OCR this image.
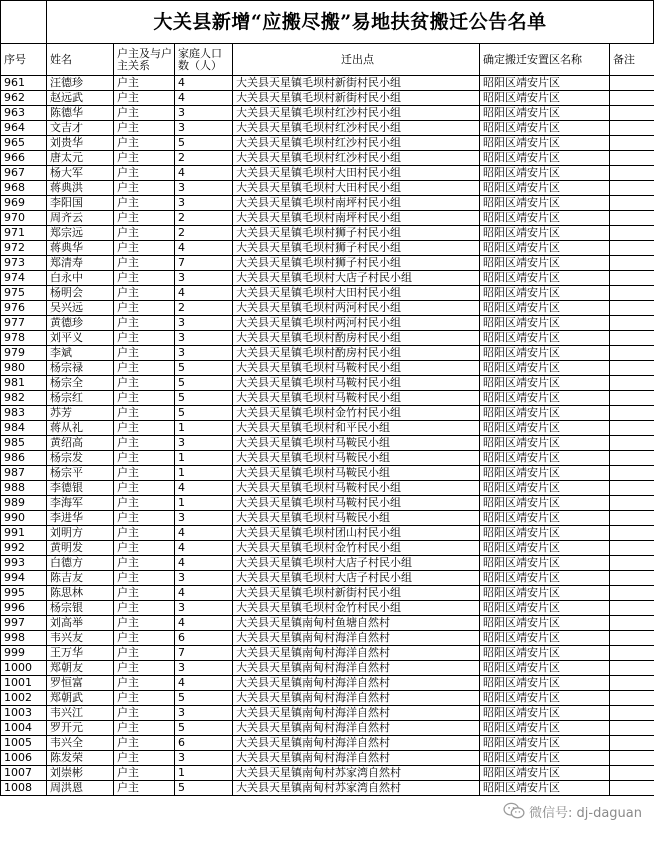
大关县新增“应搬尽搬”易地扶贫搬迁公告名单
序号	姓名	户主及与户主关系	家庭人口数（人）	迁出点	确定搬迁安置区名称	备注
961	汪德珍	户主	4	大关县天星镇毛坝村新街村民小组	昭阳区靖安片区	
962	赵远武	户主	4	大关县天星镇毛坝村新街村民小组	昭阳区靖安片区	
963	陈德华	户主	3	大关县天星镇毛坝村红沙村民小组	昭阳区靖安片区	
964	文吉才	户主	3	大关县天星镇毛坝村红沙村民小组	昭阳区靖安片区	
965	刘贵华	户主	5	大关县天星镇毛坝村红沙村民小组	昭阳区靖安片区	
966	唐太元	户主	2	大关县天星镇毛坝村红沙村民小组	昭阳区靖安片区	
967	杨大军	户主	4	大关县天星镇毛坝村大田村民小组	昭阳区靖安片区	
968	蒋典洪	户主	3	大关县天星镇毛坝村大田村民小组	昭阳区靖安片区	
969	李阳国	户主	3	大关县天星镇毛坝村南坪村民小组	昭阳区靖安片区	
970	周齐云	户主	2	大关县天星镇毛坝村南坪村民小组	昭阳区靖安片区	
971	郑宗远	户主	2	大关县天星镇毛坝村狮子村民小组	昭阳区靖安片区	
972	蒋典华	户主	4	大关县天星镇毛坝村狮子村民小组	昭阳区靖安片区	
973	郑清寿	户主	7	大关县天星镇毛坝村狮子村民小组	昭阳区靖安片区	
974	白永中	户主	3	大关县天星镇毛坝村大店子村民小组	昭阳区靖安片区	
975	杨明会	户主	4	大关县天星镇毛坝村大田村民小组	昭阳区靖安片区	
976	吴兴远	户主	2	大关县天星镇毛坝村两河村民小组	昭阳区靖安片区	
977	黄德珍	户主	3	大关县天星镇毛坝村两河村民小组	昭阳区靖安片区	
978	刘平义	户主	3	大关县天星镇毛坝村酌房村民小组	昭阳区靖安片区	
979	李斌	户主	3	大关县天星镇毛坝村酌房村民小组	昭阳区靖安片区	
980	杨宗禄	户主	5	大关县天星镇毛坝村马鞍村民小组	昭阳区靖安片区	
981	杨宗全	户主	5	大关县天星镇毛坝村马鞍村民小组	昭阳区靖安片区	
982	杨宗红	户主	5	大关县天星镇毛坝村马鞍村民小组	昭阳区靖安片区	
983	苏芳	户主	5	大关县天星镇毛坝村金竹村民小组	昭阳区靖安片区	
984	蒋从礼	户主	1	大关县天星镇毛坝村和平民小组	昭阳区靖安片区	
985	黄绍高	户主	3	大关县天星镇毛坝村马鞍民小组	昭阳区靖安片区	
986	杨宗发	户主	1	大关县天星镇毛坝村马鞍民小组	昭阳区靖安片区	
987	杨宗平	户主	1	大关县天星镇毛坝村马鞍民小组	昭阳区靖安片区	
988	李德银	户主	4	大关县天星镇毛坝村马鞍村民小组	昭阳区靖安片区	
989	李海军	户主	1	大关县天星镇毛坝村马鞍村民小组	昭阳区靖安片区	
990	李进华	户主	3	大关县天星镇毛坝村马鞍民小组	昭阳区靖安片区	
991	刘明方	户主	4	大关县天星镇毛坝村团山村民小组	昭阳区靖安片区	
992	黄明发	户主	4	大关县天星镇毛坝村金竹村民小组	昭阳区靖安片区	
993	白德方	户主	4	大关县天星镇毛坝村大店子村民小组	昭阳区靖安片区	
994	陈吉友	户主	3	大关县天星镇毛坝村大店子村民小组	昭阳区靖安片区	
995	陈思林	户主	4	大关县天星镇毛坝村新街村民小组	昭阳区靖安片区	
996	杨宗银	户主	3	大关县天星镇毛坝村金竹村民小组	昭阳区靖安片区	
997	刘高举	户主	4	大关县天星镇南甸村鱼塘自然村	昭阳区靖安片区	
998	韦兴友	户主	6	大关县天星镇南甸村海洋自然村	昭阳区靖安片区	
999	王万华	户主	7	大关县天星镇南甸村海洋自然村	昭阳区靖安片区	
1000	郑朝友	户主	3	大关县天星镇南甸村海洋自然村	昭阳区靖安片区	
1001	罗恒富	户主	4	大关县天星镇南甸村海洋自然村	昭阳区靖安片区	
1002	郑朝武	户主	5	大关县天星镇南甸村海洋自然村	昭阳区靖安片区	
1003	韦兴江	户主	3	大关县天星镇南甸村海洋自然村	昭阳区靖安片区	
1004	罗开元	户主	5	大关县天星镇南甸村海洋自然村	昭阳区靖安片区	
1005	韦兴全	户主	6	大关县天星镇南甸村海洋自然村	昭阳区靖安片区	
1006	陈发荣	户主	3	大关县天星镇南甸村海洋自然村	昭阳区靖安片区	
1007	刘崇彬	户主	1	大关县天星镇南甸村苏家湾自然村	昭阳区靖安片区	
1008	周洪恩	户主	5	大关县天星镇南甸村苏家湾自然村	昭阳区靖安片区	
微信号: dj-daguan
